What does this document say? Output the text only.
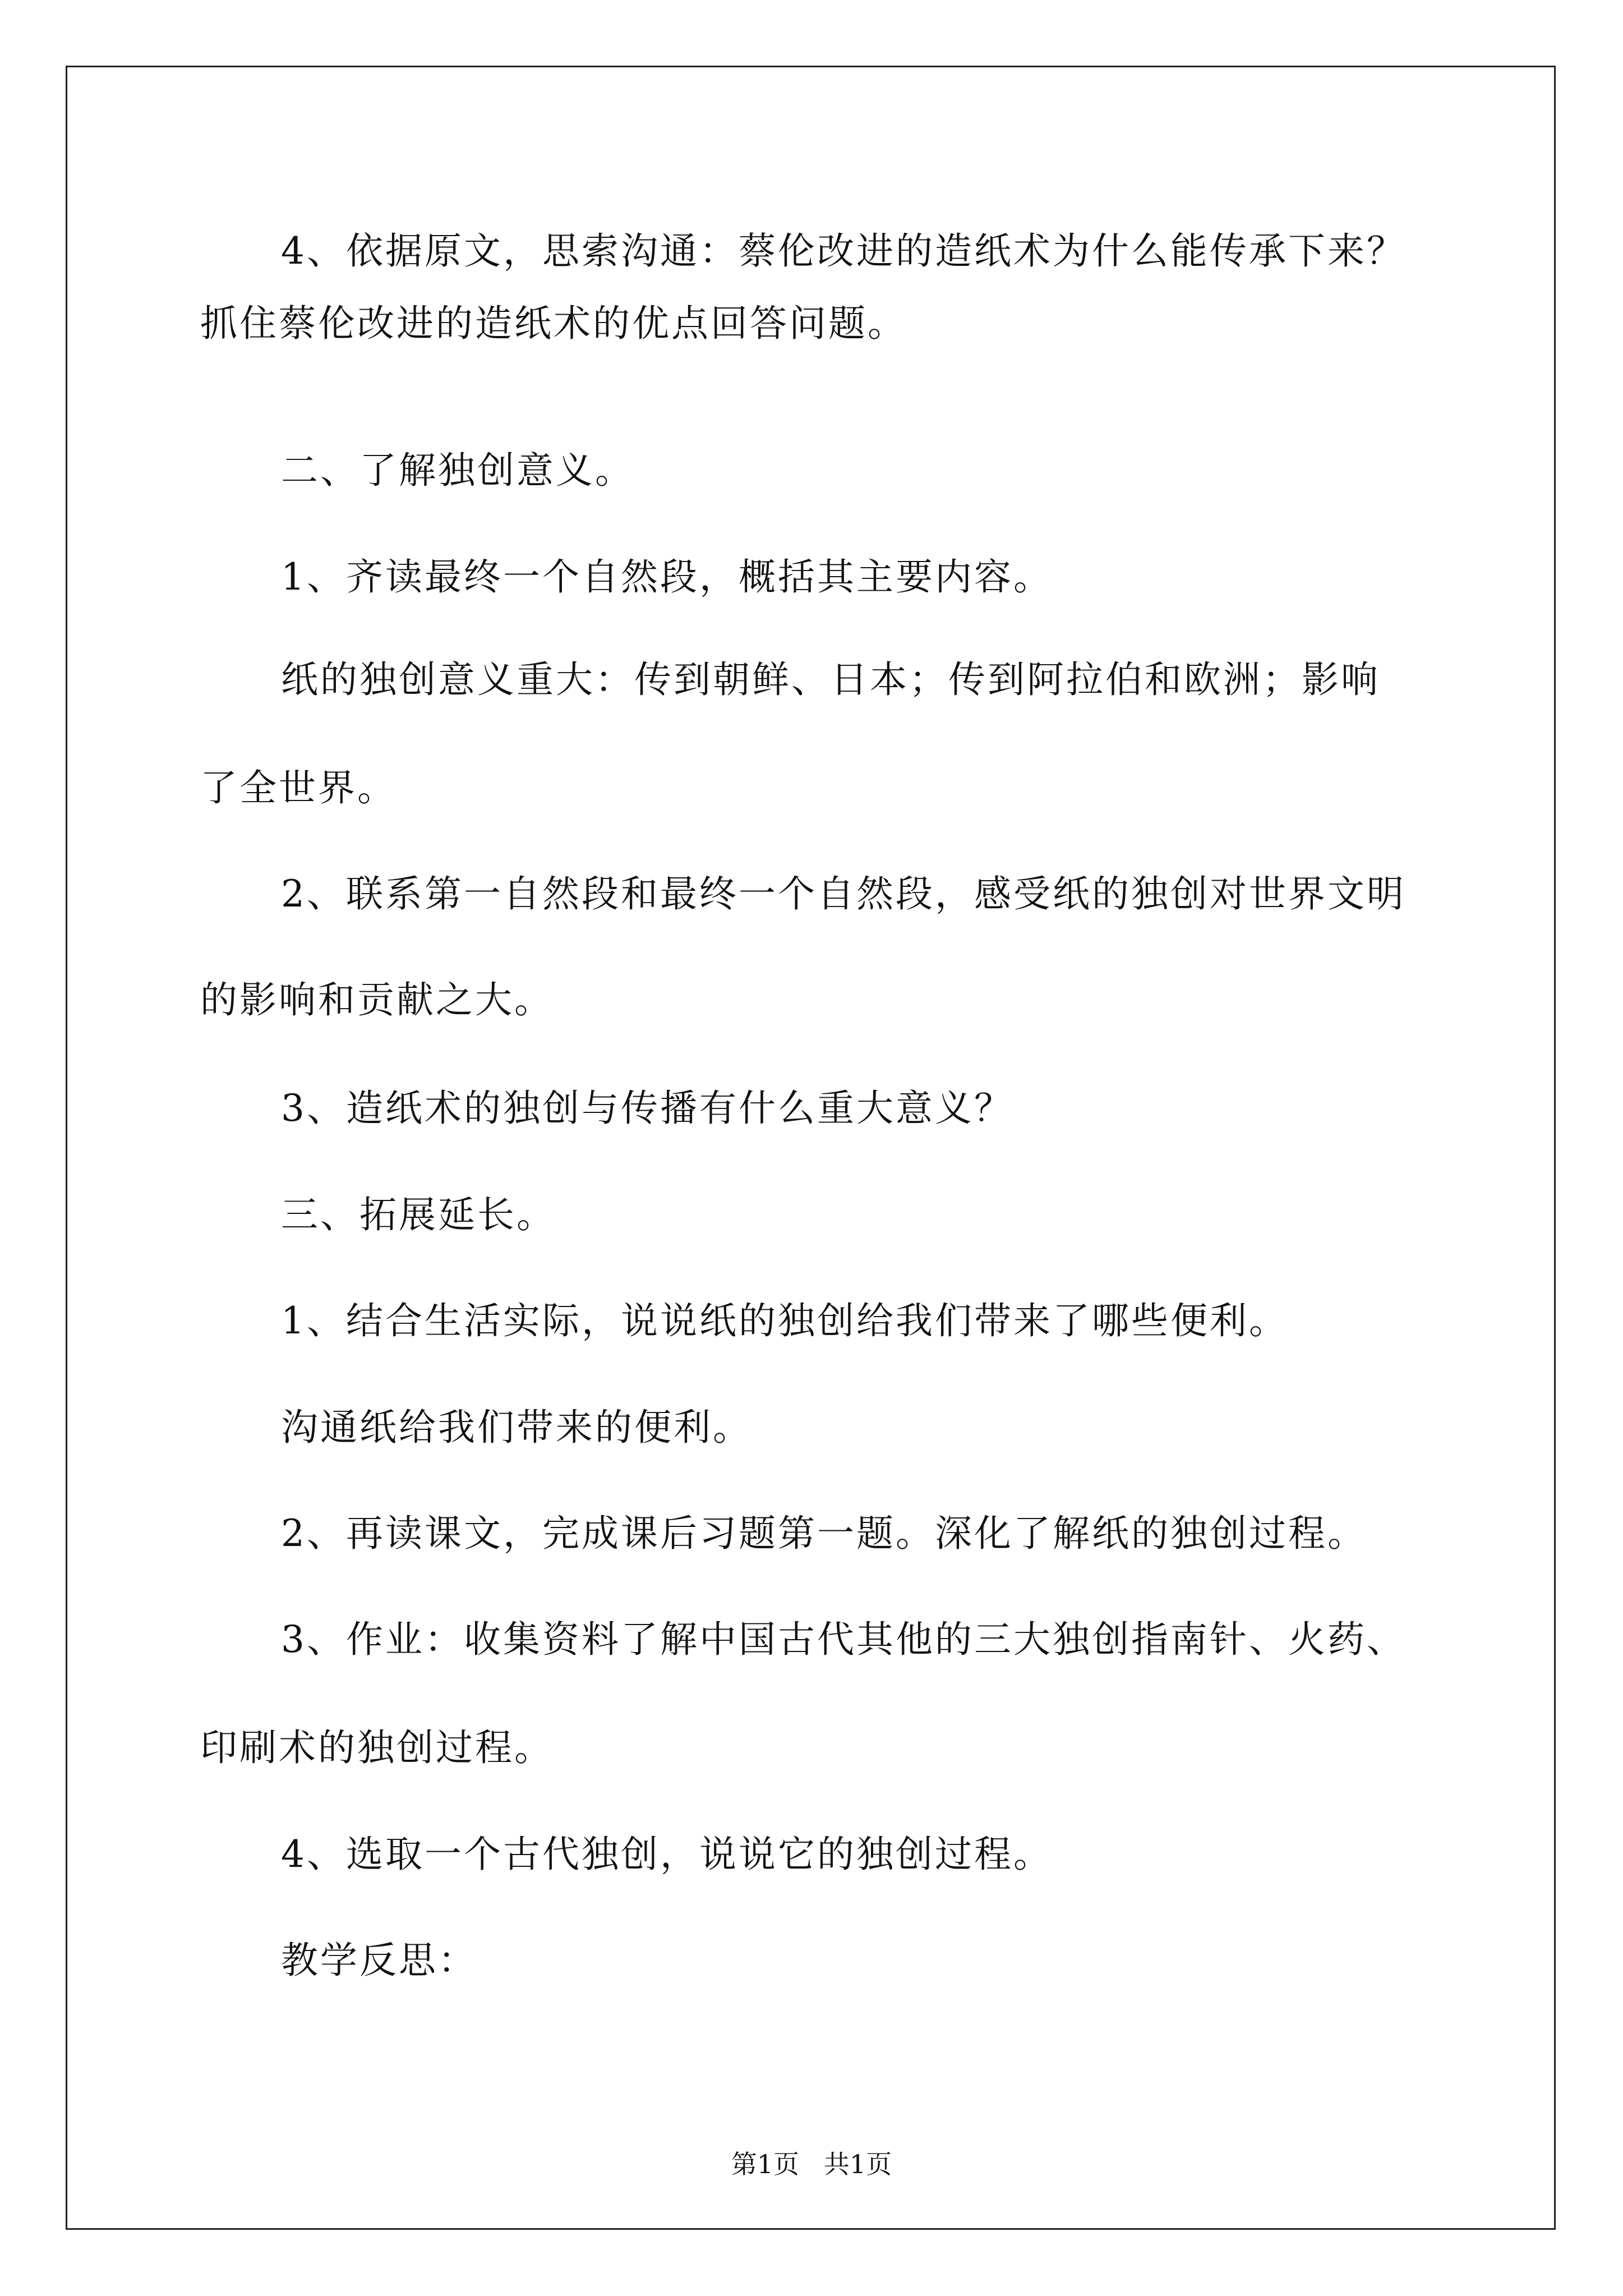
4、依据原文，思索沟通：蔡伦改进的造纸术为什么能传承下来？
抓住蔡伦改进的造纸术的优点回答问题。
二、了解独创意义。
1、齐读最终一个自然段，概括其主要内容。
纸的独创意义重大：传到朝鲜、日本；传到阿拉伯和欧洲；影响
了全世界。
2、联系第一自然段和最终一个自然段，感受纸的独创对世界文明
的影响和贡献之大。
3、造纸术的独创与传播有什么重大意义？
三、拓展延长。
1、结合生活实际，说说纸的独创给我们带来了哪些便利。
沟通纸给我们带来的便利。
2、再读课文，完成课后习题第一题。深化了解纸的独创过程。
3、作业：收集资料了解中国古代其他的三大独创指南针、火药、
印刷术的独创过程。
4、选取一个古代独创，说说它的独创过程。
教学反思：
第1页   共1页
